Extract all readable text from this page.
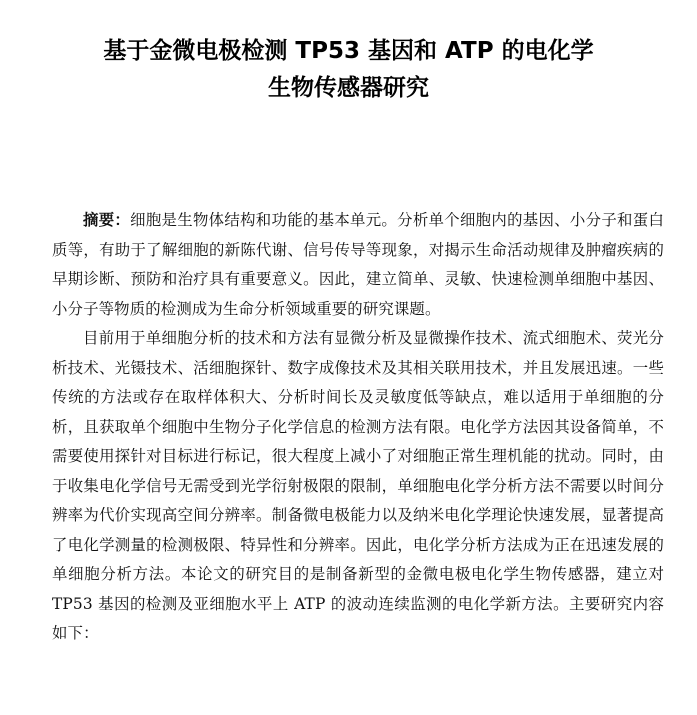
基于金微电极检测 TP53 基因和 ATP 的电化学
生物传感器研究

摘要：细胞是生物体结构和功能的基本单元。分析单个细胞内的基因、小分子和蛋白质等，有助于了解细胞的新陈代谢、信号传导等现象，对揭示生命活动规律及肿瘤疾病的早期诊断、预防和治疗具有重要意义。因此，建立简单、灵敏、快速检测单细胞中基因、小分子等物质的检测成为生命分析领域重要的研究课题。

目前用于单细胞分析的技术和方法有显微分析及显微操作技术、流式细胞术、荧光分析技术、光镊技术、活细胞探针、数字成像技术及其相关联用技术，并且发展迅速。一些传统的方法或存在取样体积大、分析时间长及灵敏度低等缺点，难以适用于单细胞的分析，且获取单个细胞中生物分子化学信息的检测方法有限。电化学方法因其设备简单，不需要使用探针对目标进行标记，很大程度上减小了对细胞正常生理机能的扰动。同时，由于收集电化学信号无需受到光学衍射极限的限制，单细胞电化学分析方法不需要以时间分辨率为代价实现高空间分辨率。制备微电极能力以及纳米电化学理论快速发展，显著提高了电化学测量的检测极限、特异性和分辨率。因此，电化学分析方法成为正在迅速发展的单细胞分析方法。本论文的研究目的是制备新型的金微电极电化学生物传感器，建立对 TP53 基因的检测及亚细胞水平上 ATP 的波动连续监测的电化学新方法。主要研究内容如下：
